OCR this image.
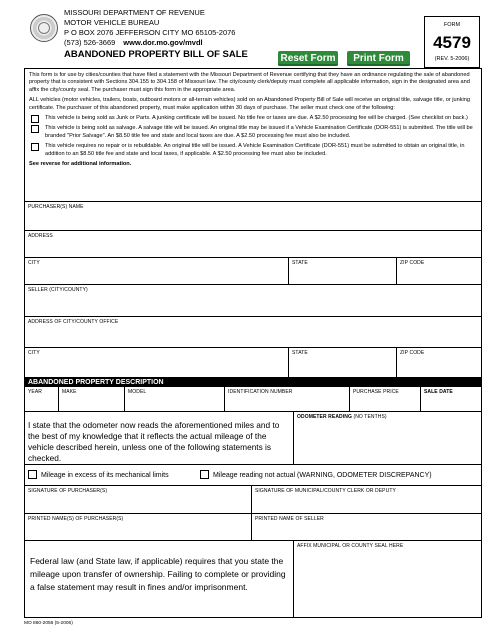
MISSOURI DEPARTMENT OF REVENUE
MOTOR VEHICLE BUREAU
P O BOX 2076 JEFFERSON CITY MO 65105-2076
(573) 526-3669 www.dor.mo.gov/mvdl
ABANDONED PROPERTY BILL OF SALE	Reset Form	Print Form
FORM
4579
(REV. 5-2006)

This form is for use by cities/counties that have filed a statement with the Missouri Department of Revenue certifying that they have an ordinance regulating the sale of abandoned property that is consistent with Sections 304.155 to 304.158 of Missouri law. The city/county clerk/deputy must complete all applicable information, sign in the designated area and affix the city/county seal. The purchaser must sign this form in the appropriate area.

ALL vehicles (motor vehicles, trailers, boats, outboard motors or all-terrain vehicles) sold on an Abandoned Property Bill of Sale will receive an original title, salvage title, or junking certificate. The purchaser of this abandoned property, must make application within 30 days of purchase. The seller must check one of the following:

This vehicle is being sold as Junk or Parts. A junking certificate will be issued. No title fee or taxes are due. A $2.50 processing fee will be charged. (See checklist on back.)
This vehicle is being sold as salvage. A salvage title will be issued. An original title may be issued if a Vehicle Examination Certificate (DOR-551) is submitted. The title will be branded "Prior Salvage". An $8.50 title fee and state and local taxes are due. A $2.50 processing fee must also be included.
This vehicle requires no repair or is rebuildable. An original title will be issued. A Vehicle Examination Certificate (DOR-551) must be submitted to obtain an original title, in addition to an $8.50 title fee and state and local taxes, if applicable. A $2.50 processing fee must also be included.
See reverse for additional information.
PURCHASER(S) NAME
ADDRESS
CITY	STATE	ZIP CODE
SELLER (CITY/COUNTY)
ADDRESS OF CITY/COUNTY OFFICE
CITY	STATE	ZIP CODE
ABANDONED PROPERTY DESCRIPTION
YEAR	MAKE	MODEL	IDENTIFICATION NUMBER	PURCHASE PRICE	SALE DATE
I state that the odometer now reads the aforementioned miles and to the best of my knowledge that it reflects the actual mileage of the vehicle described herein, unless one of the following statements is checked.
ODOMETER READING (NO TENTHS)
Mileage in excess of its mechanical limits	Mileage reading not actual (WARNING, ODOMETER DISCREPANCY)
SIGNATURE OF PURCHASER(S)	SIGNATURE OF MUNICIPAL/COUNTY CLERK OR DEPUTY
PRINTED NAME(S) OF PURCHASER(S)	PRINTED NAME OF SELLER
Federal law (and State law, if applicable) requires that you state the mileage upon transfer of ownership. Failing to complete or providing a false statement may result in fines and/or imprisonment.
AFFIX MUNICIPAL OR COUNTY SEAL HERE
MO 860-2056 (5-2006)
